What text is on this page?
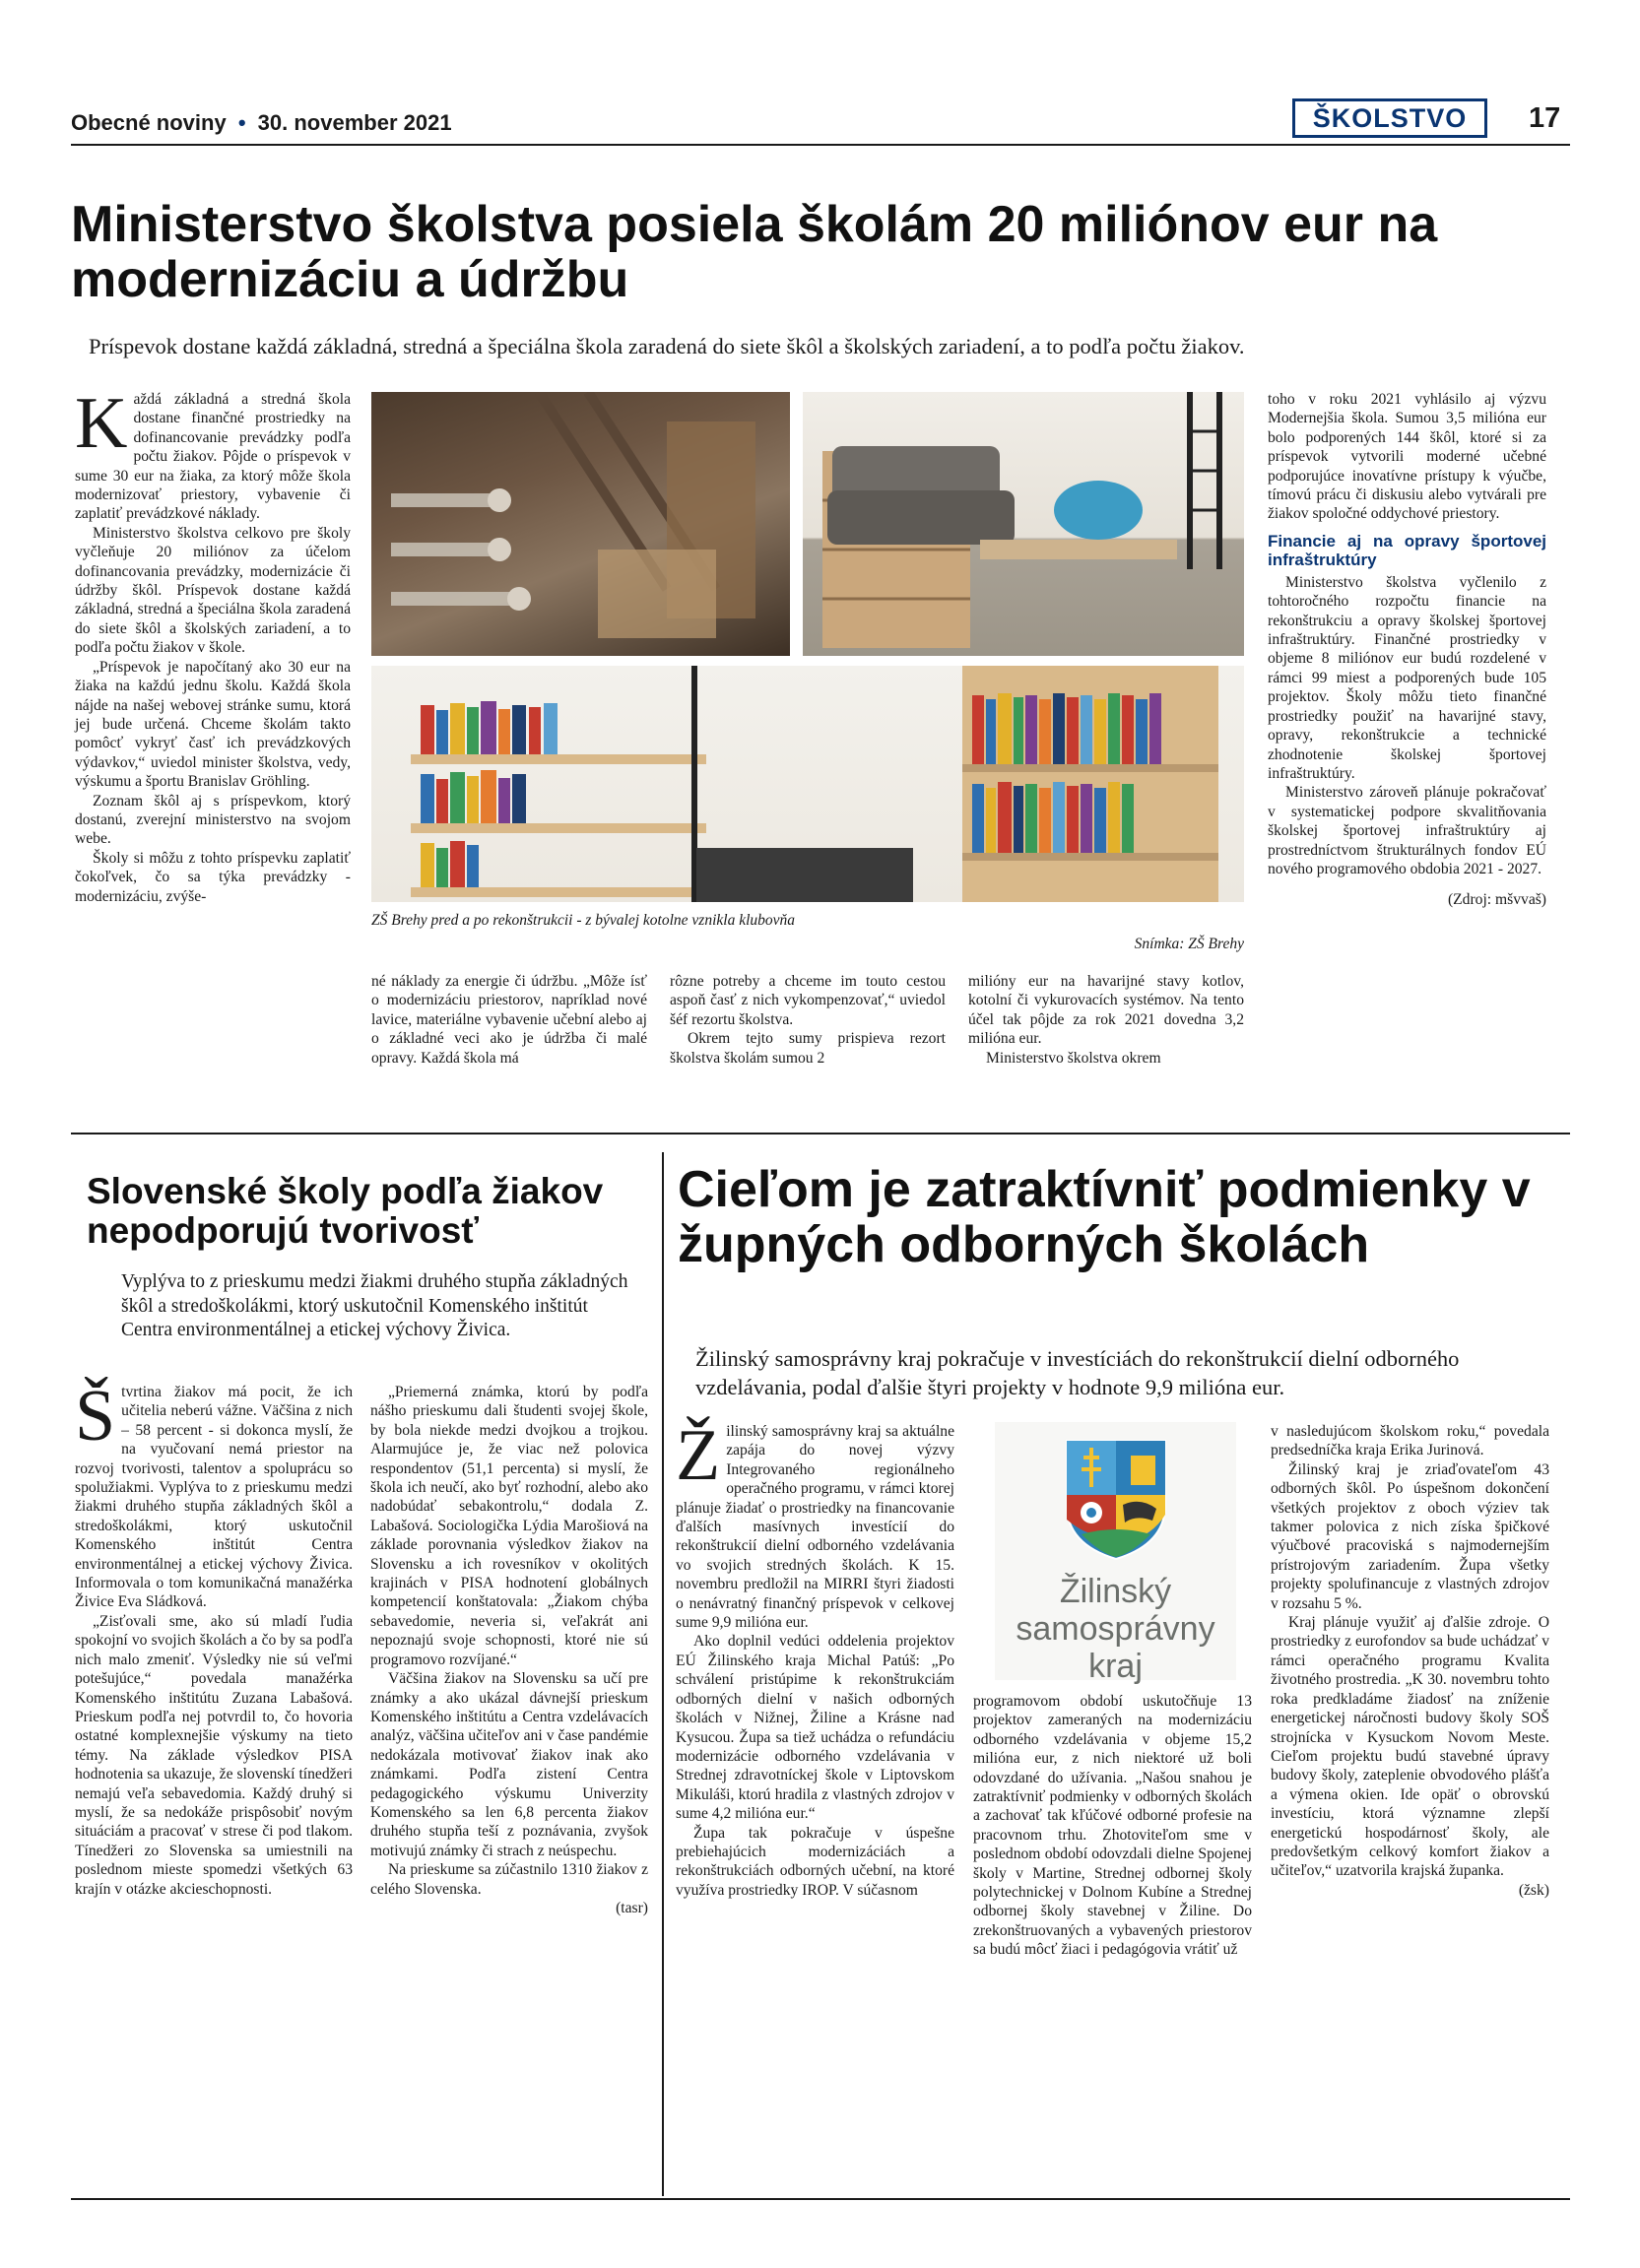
Obecné noviny • 30. november 2021	ŠKOLSTVO	17
Ministerstvo školstva posiela školám 20 miliónov eur na modernizáciu a údržbu
Príspevok dostane každá základná, stredná a špeciálna škola zaradená do siete škôl a školských zariadení, a to podľa počtu žiakov.

Každá základná a stredná škola dostane finančné prostriedky na dofinancovanie prevádzky podľa počtu žiakov. Pôjde o príspevok v sume 30 eur na žiaka, za ktorý môže škola modernizovať priestory, vybavenie či zaplatiť prevádzkové náklady.

Ministerstvo školstva celkovo pre školy vyčleňuje 20 miliónov za účelom dofinancovania prevádzky, modernizácie či údržby škôl. Príspevok dostane každá základná, stredná a špeciálna škola zaradená do siete škôl a školských zariadení, a to podľa počtu žiakov v škole.

„Príspevok je napočítaný ako 30 eur na žiaka na každú jednu školu. Každá škola nájde na našej webovej stránke sumu, ktorá jej bude určená. Chceme školám takto pomôcť vykryť časť ich prevádzkových výdavkov,“ uviedol minister školstva, vedy, výskumu a športu Branislav Gröhling.

Zoznam škôl aj s príspevkom, ktorý dostanú, zverejní ministerstvo na svojom webe.

Školy si môžu z tohto príspevku zaplatiť čokoľvek, čo sa týka prevádzky - modernizáciu, zvýše-

ZŠ Brehy pred a po rekonštrukcii - z bývalej kotolne vznikla klubovňa
Snímka: ZŠ Brehy

né náklady za energie či údržbu. „Môže ísť o modernizáciu priestorov, napríklad nové lavice, materiálne vybavenie učební alebo aj o základné veci ako je údržba či malé opravy. Každá škola má

rôzne potreby a chceme im touto cestou aspoň časť z nich vykompenzovať,“ uviedol šéf rezortu školstva.

Okrem tejto sumy prispieva rezort školstva školám sumou 2

milióny eur na havarijné stavy kotlov, kotolní či vykurovacích systémov. Na tento účel tak pôjde za rok 2021 dovedna 3,2 milióna eur.

Ministerstvo školstva okrem

toho v roku 2021 vyhlásilo aj výzvu Modernejšia škola. Sumou 3,5 milióna eur bolo podporených 144 škôl, ktoré si za príspevok vytvorili moderné učebné podporujúce inovatívne prístupy k výučbe, tímovú prácu či diskusiu alebo vytvárali pre žiakov spoločné oddychové priestory.

Financie aj na opravy športovej infraštruktúry

Ministerstvo školstva vyčlenilo z tohtoročného rozpočtu financie na rekonštrukciu a opravy školskej športovej infraštruktúry. Finančné prostriedky v objeme 8 miliónov eur budú rozdelené v rámci 99 miest a podporených bude 105 projektov. Školy môžu tieto finančné prostriedky použiť na havarijné stavy, opravy, rekonštrukcie a technické zhodnotenie školskej športovej infraštruktúry.

Ministerstvo zároveň plánuje pokračovať v systematickej podpore skvalitňovania školskej športovej infraštruktúry aj prostredníctvom štrukturálnych fondov EÚ nového programového obdobia 2021 - 2027.

(Zdroj: mšvvaš)
Slovenské školy podľa žiakov nepodporujú tvorivosť
Vyplýva to z prieskumu medzi žiakmi druhého stupňa základných škôl a stredoškolákmi, ktorý uskutočnil Komenského inštitút Centra environmentálnej a etickej výchovy Živica.

Štvrtina žiakov má pocit, že ich učitelia neberú vážne. Väčšina z nich – 58 percent - si dokonca myslí, že na vyučovaní nemá priestor na rozvoj tvorivosti, talentov a spoluprácu so spolužiakmi. Vyplýva to z prieskumu medzi žiakmi druhého stupňa základných škôl a stredoškolákmi, ktorý uskutočnil Komenského inštitút Centra environmentálnej a etickej výchovy Živica. Informovala o tom komunikačná manažérka Živice Eva Sládková.

„Zisťovali sme, ako sú mladí ľudia spokojní vo svojich školách a čo by sa podľa nich malo zmeniť. Výsledky nie sú veľmi potešujúce,“ povedala manažérka Komenského inštitútu Zuzana Labašová. Prieskum podľa nej potvrdil to, čo hovoria ostatné komplexnejšie výskumy na tieto témy. Na základe výsledkov PISA hodnotenia sa ukazuje, že slovenskí tínedžeri nemajú veľa sebavedomia. Každý druhý si myslí, že sa nedokáže prispôsobiť novým situáciám a pracovať v strese či pod tlakom. Tínedžeri zo Slovenska sa umiestnili na poslednom mieste spomedzi všetkých 63 krajín v otázke akcieschopnosti.

„Priemerná známka, ktorú by podľa nášho prieskumu dali študenti svojej škole, by bola niekde medzi dvojkou a trojkou. Alarmujúce je, že viac než polovica respondentov (51,1 percenta) si myslí, že škola ich neučí, ako byť rozhodní, alebo ako nadobúdať sebakontrolu,“ dodala Z. Labašová. Sociologička Lýdia Marošiová na základe porovnania výsledkov žiakov na Slovensku a ich rovesníkov v okolitých krajinách v PISA hodnotení globálnych kompetencií konštatovala: „Žiakom chýba sebavedomie, neveria si, veľakrát ani nepoznajú svoje schopnosti, ktoré nie sú programovo rozvíjané.“

Väčšina žiakov na Slovensku sa učí pre známky a ako ukázal dávnejší prieskum Komenského inštitútu a Centra vzdelávacích analýz, väčšina učiteľov ani v čase pandémie nedokázala motivovať žiakov inak ako známkami. Podľa zistení Centra pedagogického výskumu Univerzity Komenského sa len 6,8 percenta žiakov druhého stupňa teší z poznávania, zvyšok motivujú známky či strach z neúspechu.

Na prieskume sa zúčastnilo 1310 žiakov z celého Slovenska.

(tasr)
Cieľom je zatraktívniť podmienky v župných odborných školách
Žilinský samosprávny kraj pokračuje v investíciách do rekonštrukcií dielní odborného vzdelávania, podal ďalšie štyri projekty v hodnote 9,9 milióna eur.

Žilinský samosprávny kraj sa aktuálne zapája do novej výzvy Integrovaného regionálneho operačného programu, v rámci ktorej plánuje žiadať o prostriedky na financovanie ďalších masívnych investícií do rekonštrukcií dielní odborného vzdelávania vo svojich stredných školách. K 15. novembru predložil na MIRRI štyri žiadosti o nenávratný finančný príspevok v celkovej sume 9,9 milióna eur.

Ako doplnil vedúci oddelenia projektov EÚ Žilinského kraja Michal Patúš: „Po schválení pristúpime k rekonštrukciám odborných dielní v našich odborných školách v Nižnej, Žiline a Krásne nad Kysucou. Župa sa tiež uchádza o refundáciu modernizácie odborného vzdelávania v Strednej zdravotníckej škole v Liptovskom Mikuláši, ktorú hradila z vlastných zdrojov v sume 4,2 milióna eur.“

Župa tak pokračuje v úspešne prebiehajúcich modernizáciách a rekonštrukciách odborných učební, na ktoré využíva prostriedky IROP. V súčasnom

Žilinský
samosprávny
kraj

programovom období uskutočňuje 13 projektov zameraných na modernizáciu odborného vzdelávania v objeme 15,2 milióna eur, z nich niektoré už boli odovzdané do užívania. „Našou snahou je zatraktívniť podmienky v odborných školách a zachovať tak kľúčové odborné profesie na pracovnom trhu. Zhotoviteľom sme v poslednom období odovzdali dielne Spojenej školy v Martine, Strednej odbornej školy polytechnickej v Dolnom Kubíne a Strednej odbornej školy stavebnej v Žiline. Do zrekonštruovaných a vybavených priestorov sa budú môcť žiaci i pedagógovia vrátiť už

v nasledujúcom školskom roku,“ povedala predsedníčka kraja Erika Jurinová.

Žilinský kraj je zriaďovateľom 43 odborných škôl. Po úspešnom dokončení všetkých projektov z oboch výziev tak takmer polovica z nich získa špičkové výučbové pracoviská s najmodernejším prístrojovým zariadením. Župa všetky projekty spolufinancuje z vlastných zdrojov v rozsahu 5 %.

Kraj plánuje využiť aj ďalšie zdroje. O prostriedky z eurofondov sa bude uchádzať v rámci operačného programu Kvalita životného prostredia. „K 30. novembru tohto roka predkladáme žiadosť na zníženie energetickej náročnosti budovy školy SOŠ strojnícka v Kysuckom Novom Meste. Cieľom projektu budú stavebné úpravy budovy školy, zateplenie obvodového plášťa a výmena okien. Ide opäť o obrovskú investíciu, ktorá významne zlepší energetickú hospodárnosť školy, ale predovšetkým celkový komfort žiakov a učiteľov,“ uzatvorila krajská županka.

(žsk)
